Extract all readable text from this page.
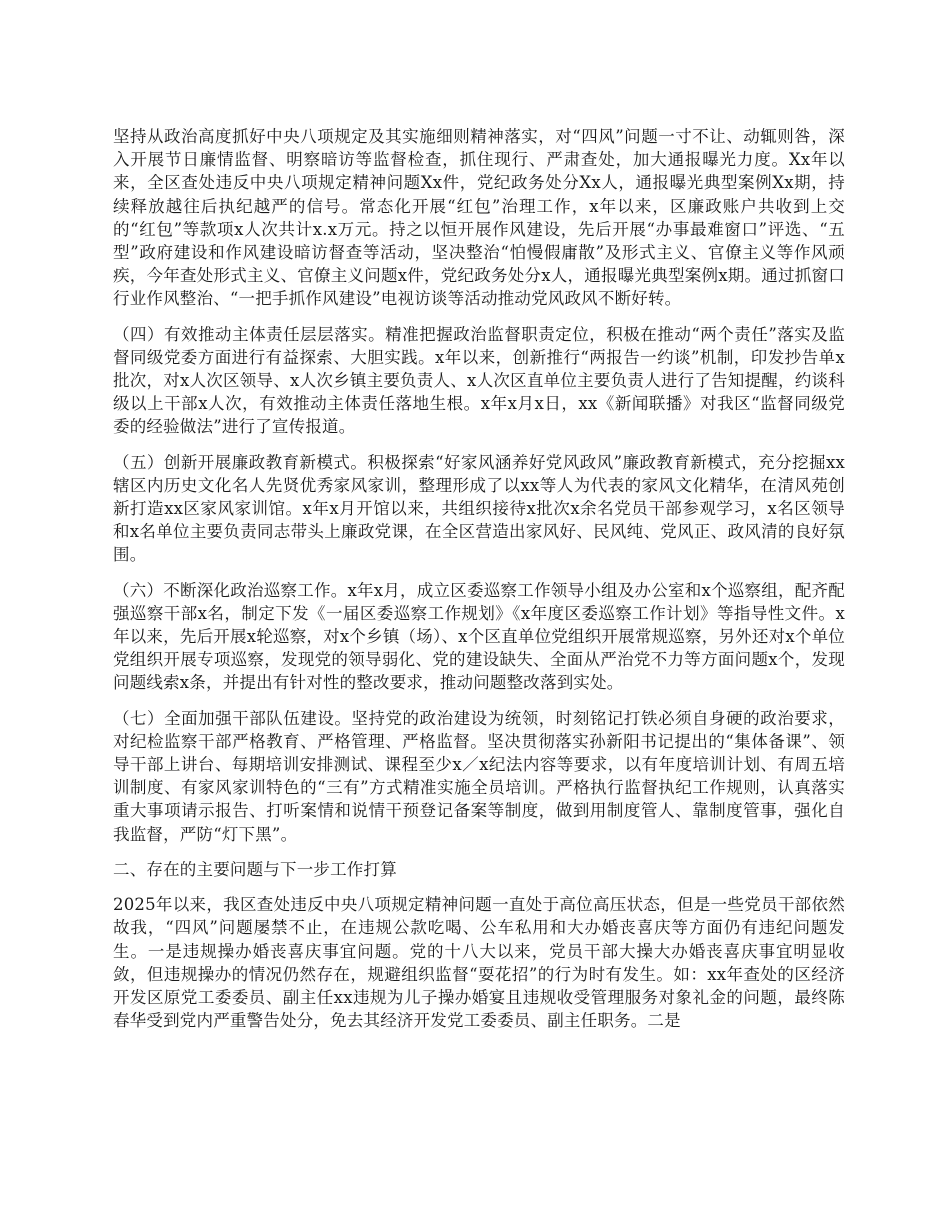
坚持从政治高度抓好中央八项规定及其实施细则精神落实，对“四风”问题一寸不让、动辄则咎，深入开展节日廉情监督、明察暗访等监督检查，抓住现行、严肃查处，加大通报曝光力度。Xx年以来，全区查处违反中央八项规定精神问题Xx件，党纪政务处分Xx人，通报曝光典型案例Xx期，持续释放越往后执纪越严的信号。常态化开展“红包”治理工作，x年以来，区廉政账户共收到上交的“红包”等款项x人次共计x.x万元。持之以恒开展作风建设，先后开展“办事最难窗口”评选、“五型”政府建设和作风建设暗访督查等活动，坚决整治“怕慢假庸散”及形式主义、官僚主义等作风顽疾，今年查处形式主义、官僚主义问题x件，党纪政务处分x人，通报曝光典型案例x期。通过抓窗口行业作风整治、“一把手抓作风建设”电视访谈等活动推动党风政风不断好转。

（四）有效推动主体责任层层落实。精准把握政治监督职责定位，积极在推动“两个责任”落实及监督同级党委方面进行有益探索、大胆实践。x年以来，创新推行“两报告一约谈”机制，印发抄告单x批次，对x人次区领导、x人次乡镇主要负责人、x人次区直单位主要负责人进行了告知提醒，约谈科级以上干部x人次，有效推动主体责任落地生根。x年x月x日，xx《新闻联播》对我区“监督同级党委的经验做法”进行了宣传报道。

（五）创新开展廉政教育新模式。积极探索“好家风涵养好党风政风”廉政教育新模式，充分挖掘xx辖区内历史文化名人先贤优秀家风家训，整理形成了以xx等人为代表的家风文化精华，在清风苑创新打造xx区家风家训馆。x年x月开馆以来，共组织接待x批次x余名党员干部参观学习，x名区领导和x名单位主要负责同志带头上廉政党课，在全区营造出家风好、民风纯、党风正、政风清的良好氛围。

（六）不断深化政治巡察工作。x年x月，成立区委巡察工作领导小组及办公室和x个巡察组，配齐配强巡察干部x名，制定下发《一届区委巡察工作规划》《x年度区委巡察工作计划》等指导性文件。x年以来，先后开展x轮巡察，对x个乡镇（场）、x个区直单位党组织开展常规巡察，另外还对x个单位党组织开展专项巡察，发现党的领导弱化、党的建设缺失、全面从严治党不力等方面问题x个，发现问题线索x条，并提出有针对性的整改要求，推动问题整改落到实处。

（七）全面加强干部队伍建设。坚持党的政治建设为统领，时刻铭记打铁必须自身硬的政治要求，对纪检监察干部严格教育、严格管理、严格监督。坚决贯彻落实孙新阳书记提出的“集体备课”、领导干部上讲台、每期培训安排测试、课程至少x／x纪法内容等要求，以有年度培训计划、有周五培训制度、有家风家训特色的“三有”方式精准实施全员培训。严格执行监督执纪工作规则，认真落实重大事项请示报告、打听案情和说情干预登记备案等制度，做到用制度管人、靠制度管事，强化自我监督，严防“灯下黑”。

二、存在的主要问题与下一步工作打算

2025年以来，我区查处违反中央八项规定精神问题一直处于高位高压状态，但是一些党员干部依然故我，“四风”问题屡禁不止，在违规公款吃喝、公车私用和大办婚丧喜庆等方面仍有违纪问题发生。一是违规操办婚丧喜庆事宜问题。党的十八大以来，党员干部大操大办婚丧喜庆事宜明显收敛，但违规操办的情况仍然存在，规避组织监督“耍花招”的行为时有发生。如：xx年查处的区经济开发区原党工委委员、副主任xx违规为儿子操办婚宴且违规收受管理服务对象礼金的问题，最终陈春华受到党内严重警告处分，免去其经济开发党工委委员、副主任职务。二是
